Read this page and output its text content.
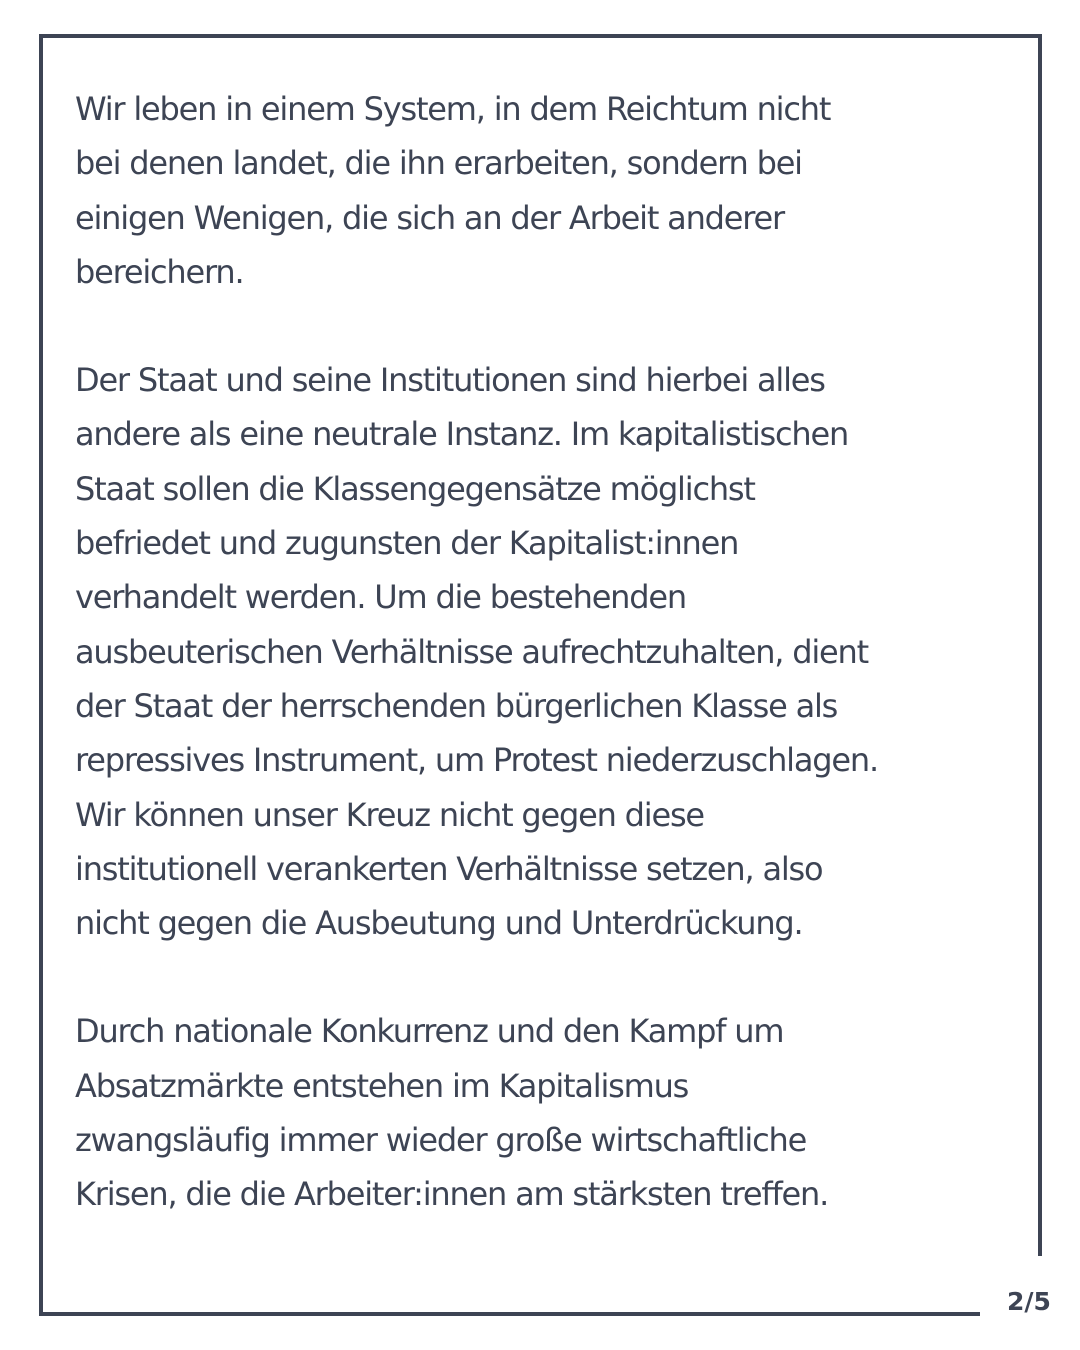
Wir leben in einem System, in dem Reichtum nicht
bei denen landet, die ihn erarbeiten, sondern bei
einigen Wenigen, die sich an der Arbeit anderer
bereichern.

Der Staat und seine Institutionen sind hierbei alles
andere als eine neutrale Instanz. Im kapitalistischen
Staat sollen die Klassengegensätze möglichst
befriedet und zugunsten der Kapitalist:innen
verhandelt werden. Um die bestehenden
ausbeuterischen Verhältnisse aufrechtzuhalten, dient
der Staat der herrschenden bürgerlichen Klasse als
repressives Instrument, um Protest niederzuschlagen.
Wir können unser Kreuz nicht gegen diese
institutionell verankerten Verhältnisse setzen, also
nicht gegen die Ausbeutung und Unterdrückung.

Durch nationale Konkurrenz und den Kampf um
Absatzmärkte entstehen im Kapitalismus
zwangsläufig immer wieder große wirtschaftliche
Krisen, die die Arbeiter:innen am stärksten treffen.

2/5
